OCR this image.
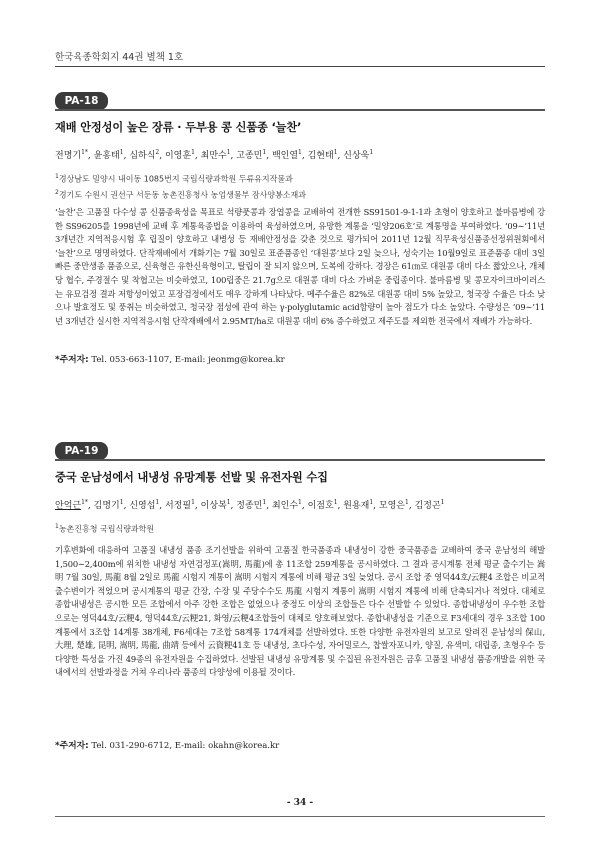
한국육종학회지 44권 별책 1호
PA-18
재배 안정성이 높은 장류 · 두부용 콩 신품종 ‘늘찬’
전명기$^{1*}$, 윤홍태$^1$, 심하식$^2$, 이영훈$^1$, 최만수$^1$, 고종민$^1$, 백인열$^1$, 김현태$^1$, 신상욱$^1$
$^1$경상남도 밀양시 내이동 1085번지 국립식량과학원 두류유지작물과
$^2$경기도 수원시 권선구 서둔동 농촌진흥청사 농업생물부 잠사양봉소재과
‘늘찬’은 고품질 다수성 콩 신품종육성을 목표로 석량풋콩과 장엽콩을 교배하여 전개한 SS91501-9-1-1과 초형이 양호하고 불마름병에 강한 SS96205를 1998년에 교배 후 계통육종법을 이용하여 육성하였으며, 유망한 계통을 ‘밀양206호’로 계통명을 부여하였다. ‘09∼’11년 3개년간 지역적응시험 후 립질이 양호하고 내병성 등 재배안정성을 갖춘 것으로 평가되어 2011년 12월 직무육성신품종선정위원회에서 ‘늘찬’으로 명명하였다. 단작재배에서 개화기는 7월 30일로 표준품종인 ‘대원콩’보다 2일 늦으나, 성숙기는 10월9일로 표준품종 대비 3일 빠른 중만생종 품종으로, 신육형은 유한신육형이고, 탈립이 잘 되지 않으며, 도복에 강하다. 경장은 61㎝로 대원콩 대비 다소 짧았으나, 개체당 협수, 주경절수 및 착협고는 비슷하였고, 100립중은 21.7g으로 대원콩 대비 다소 가벼운 중립종이다. 불마름병 및 콩모자이크바이러스는 유묘검정 결과 저항성이었고 포장검정에서도 매우 강하게 나타났다. 메주수율은 82%로 대원콩 대비 5% 높았고, 청국장 수율은 다소 낮으나 발효정도 및 풍취는 비슷하였고, 청국장 점성에 관여 하는 γ-polyglutamic acid함량이 높아 점도가 다소 높았다. 수량성은 ‘09∼’11년 3개년간 실시한 지역적응시험 단작재배에서 2.95MT/ha로 대원콩 대비 6% 증수하였고 제주도를 제외한 전국에서 재배가 가능하다.
*주저자: Tel. 053-663-1107, E-mail: jeonmg@korea.kr
PA-19
중국 운남성에서 내냉성 유망계통 선발 및 유전자원 수집
안억근$^{1*}$, 김명기$^1$, 신영섭$^1$, 서정필$^1$, 이상복$^1$, 정종민$^1$, 최인수$^1$, 이점호$^1$, 원용재$^1$, 모영은$^1$, 김정곤$^1$
$^1$농촌진흥청 국립식량과학원
기후변화에 대응하여 고품질 내냉성 품종 조기선발을 위하여 고품질 한국품종과 내냉성이 강한 중국품종을 교배하여 중국 운남성의 해발 1,500∼2,400m에 위치한 내냉성 자연검정포(嵩明, 馬龍)에 총 11조합 259계통을 공시하였다. 그 결과 공시계통 전체 평균 출수기는 嵩明 7월 30일, 馬龍 8월 2일로 馬龍 시험지 계통이 嵩明 시험지 계통에 비해 평균 3일 늦었다. 공시 조합 중 영덕44호/云粳4 조합은 비교적 출수변이가 적었으며 공시계통의 평균 간장, 수장 및 주당수수도 馬龍 시험지 계통이 嵩明 시험지 계통에 비해 단축되거나 적었다. 대체로 종합내냉성은 공시한 모든 조합에서 아주 강한 조합은 없었으나 중정도 이상의 조합들은 다수 선발할 수 있었다. 종합내냉성이 우수한 조합으로는 영덕44호/云粳4, 영덕44호/云粳21, 화영/云粳4조합들이 대체로 양호해보였다. 종합내냉성을 기준으로 F3세대의 경우 3조합 100계통에서 3조합 14계통 38개체, F6세대는 7조합 58계통 174개체를 선발하였다. 또한 다양한 유전자원의 보고로 알려진 운남성의 保山, 大理, 楚雄, 昆明, 嵩明, 馬龍, 曲靖 등에서 云資粳41호 등 내냉성, 초다수성, 자어밀로스, 찹쌀자포니카, 양질, 유색미, 대립종, 초형우수 등 다양한 특성을 가진 49종의 유전자원을 수집하였다. 선발된 내냉성 유망계통 및 수집된 유전자원은 금후 고품질 내냉성 품종개발을 위한 국내에서의 선발과정을 거쳐 우리나라 품종의 다양성에 이용될 것이다.
*주저자: Tel. 031-290-6712, E-mail: okahn@korea.kr
- 34 -
